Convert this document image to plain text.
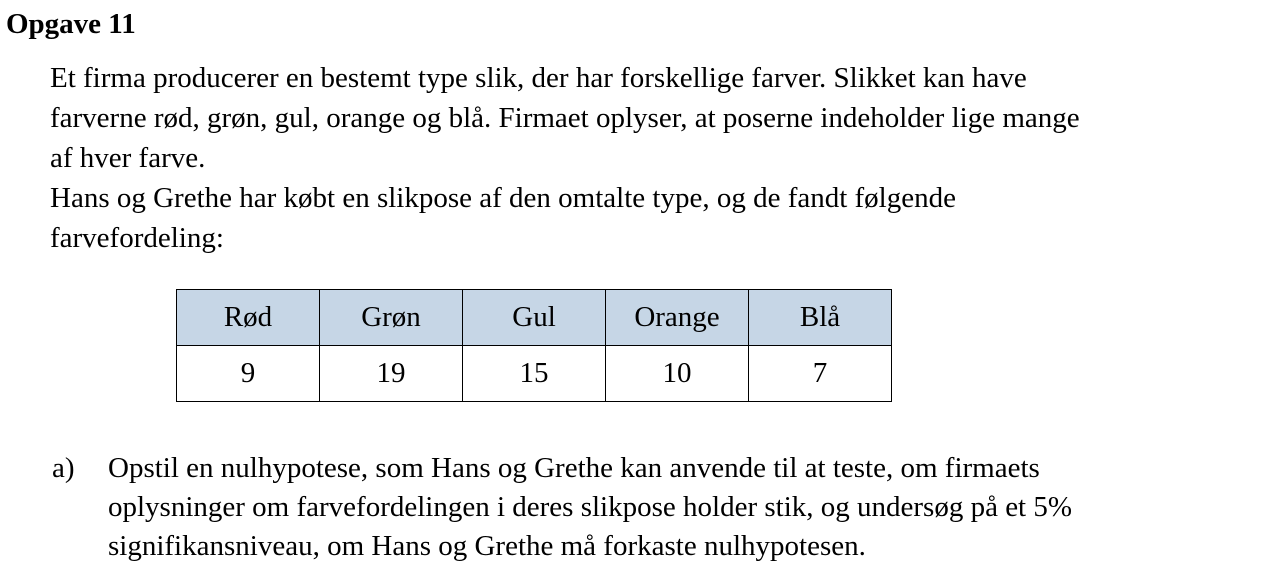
Opgave 11

Et firma producerer en bestemt type slik, der har forskellige farver. Slikket kan have
farverne rød, grøn, gul, orange og blå. Firmaet oplyser, at poserne indeholder lige mange
af hver farve.

Hans og Grethe har købt en slikpose af den omtalte type, og de fandt følgende
farvefordeling:

Rød	Grøn	Gul	Orange	Blå
9	19	15	10	7
a)	Opstil en nulhypotese, som Hans og Grethe kan anvende til at teste, om firmaets
oplysninger om farvefordelingen i deres slikpose holder stik, og undersøg på et 5%
signifikansniveau, om Hans og Grethe må forkaste nulhypotesen.
